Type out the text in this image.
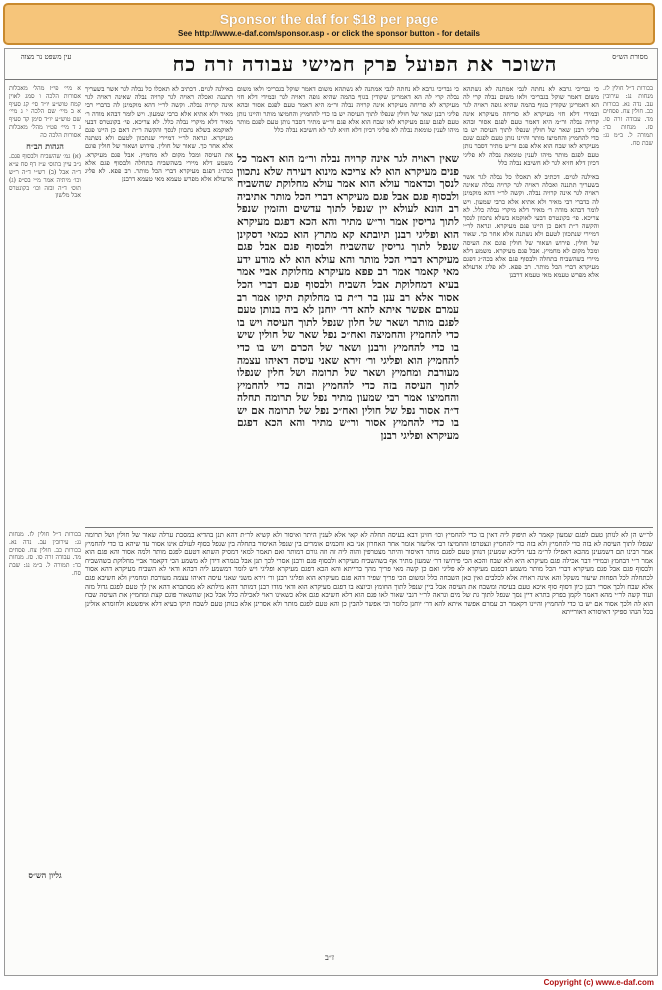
Sponsor the daf for $18 per page
See http://www.e-daf.com/sponsor.asp - or click the sponsor button - for details
השוכר את הפועל פרק חמישי עבודה זרה כח	מסורת הש״ס
עין משפט נר מצוה
בכורות ד״ל חולין לז. מנחות נג: עירובין עב. נדה נא. בכורות כב. חולין צח. פסחים מד. עבודה זרה סו. סז. מנחות כד: תמורה ל. ב״מ נג: שבת סח.
כי גבריכי גרבא לא נחתה לגבי אמתנה לא נשתהא משום דאמר שוקל בגבריכי ולאו משום נבלה קרי לה הא דאמרינן שקודין בגוף בהמה שהיא גופה ראויה לגר ובמידי דלא חזי מעיקרא לא סריחה מעיקרא אינה קרויה נבלה ור״מ היא דאמר טעם לפגם אסור ובהא פליגי רבנן שאר של חולין שנפלו לתוך העיסה יש בו כדי להחמיץ והחמיצו מותר והיינו נותן טעם לפגם שגם מעיקרא לאו שבח הוא אלא פגם ור״ש מתיר דסבר נותן טעם לפגם מותר מיהו לענין טומאת נבלה לא פליגי דכיון דלא חזיא לגר לא חשיבא נבלה כלל
באילנה לגוים. דכתיב לא תאכלו כל נבלה לגר אשר בשעריך תתננה ואכלה ראויה לגר קרויה נבלה שאינה ראויה לגר אינה קרויה נבלה. וקשה לר״י דהא מוקמינן לה כדברי רבי מאיר ולא אתיא אלא כרבי שמעון. ויש לומר דבהא מודה ר׳ מאיר דלא מיקרי נבלה כלל. לא צריכא. פי׳ בקונטרס דבעי לאוקמא בשלא נתכוון לנסך והקשה ר״ת דאם כן היינו פגם מעיקרא. ונראה לר״י דמיירי שנתכוון לטעם ולא נשתנה אלא אחר כך. שאור של חולין. פירוש ושאור של חולין פוגם את העיסה ומכל מקום לא מחמיץ. אבל פגם מעיקרא. משמע דלא מיירי בשהשביח בתחלה ולבסוף פגם אלא בכה״ג דפגם מעיקרא דברי הכל מותר. רב פפא. לא פליג אדעולא אלא מפרש טעמא מאי טעמא דרבנן
שאין ראויה לגר אינה קרויה נבלה ור״מ הוא דאמר כל פנים מעיקרא הוא לא צריכא מינוא דעירה שלא נתכוון לנסך וכדאמר עולא הוא אמר עולא מחלוקת שהשביח ולבסוף פגם אבל פגם מעיקרא דברי הכל מותר אתיביה רב הונא לעולא יין שנפל לתוך עדשים והזמין שנפל לתוך גריסין אמר ור״ש מתיר והא הכא דפגם מעיקרא הוא ופליגי רבנן תיובתא קא מתרץ הוא כמאי דסקינן שנפל לתוך גריסין שהשביח ולבסוף פגם אבל פגם מעיקרא דברי הכל מותר והא עולא הוא לא מודע ידע מאי קאמר אמר רב פפא מעיקרא מחלוקת אביי אמר בעיא דמחלוקת אבל השביח ולבסוף פגם דברי הכל אסור אלא רב ענן בר ר״ת בו מחלוקת תיקו אמר רב עמרם אפשר איתא להא דר׳ יוחנן לא ביה בנותן טעם לפגם מותר ושאר של חלון שנפל לתוך העיסה ויש בו כדי להחמיץ והחמיצה ואח״כ נפל שאר של חולין שיש בו כדי להחמיץ ורבנן ושאר של הכרם ויש בו כדי להחמיץ הוא ופליגי ור׳ זירא שאני עיסה דאיהו עצמה מעורבת ומחמיץ ושאר של תרומה ושל חלין שנפלו לתוך העיסה בזה כדי להחמיץ ובזה כדי להחמיץ והחמיצו אמר רבי שמעון מתיר נפל של תרומה תחלה ד״ה אסור נפל של חולין ואח״כ נפל של תרומה אם יש בו כדי להחמיץ אסור ור״ש מתיר והא הכא דפגם מעיקרא ופליגי רבנן
כי גבריכי גרבא לא נחתה לגבי אמתנה לא נשתהא משום דאמר שוקל בגבריכי ולאו משום נבלה קרי לה הא דאמרינן שקודין בגוף בהמה שהיא גופה ראויה לגר ובמידי דלא חזי מעיקרא לא סריחה מעיקרא אינה קרויה נבלה ור״מ היא דאמר טעם לפגם אסור ובהא פליגי רבנן שאר של חולין שנפלו לתוך העיסה יש בו כדי להחמיץ והחמיצו מותר והיינו נותן טעם לפגם שגם מעיקרא לאו שבח הוא אלא פגם ור״ש מתיר דסבר נותן טעם לפגם מותר מיהו לענין טומאת נבלה לא פליגי דכיון דלא חזיא לגר לא חשיבא נבלה כלל
באילנה לגוים. דכתיב לא תאכלו כל נבלה לגר אשר בשעריך תתננה ואכלה ראויה לגר קרויה נבלה שאינה ראויה לגר אינה קרויה נבלה. וקשה לר״י דהא מוקמינן לה כדברי רבי מאיר ולא אתיא אלא כרבי שמעון. ויש לומר דבהא מודה ר׳ מאיר דלא מיקרי נבלה כלל. לא צריכא. פי׳ בקונטרס דבעי לאוקמא בשלא נתכוון לנסך והקשה ר״ת דאם כן היינו פגם מעיקרא. ונראה לר״י דמיירי שנתכוון לטעם ולא נשתנה אלא אחר כך. שאור של חולין. פירוש ושאור של חולין פוגם את העיסה ומכל מקום לא מחמיץ. אבל פגם מעיקרא. משמע דלא מיירי בשהשביח בתחלה ולבסוף פגם אלא בכה״ג דפגם מעיקרא דברי הכל מותר. רב פפא. לא פליג אדעולא אלא מפרש טעמא מאי טעמא דרבנן
א מיי׳ פי״ז מהל׳ מאכלות אסורות הלכה ו סמג לאוין קמח טוש״ע יו״ד סי׳ קג סעיף א ב מיי׳ שם הלכה י ג מיי׳ שם טוש״ע יו״ד סימן קד סעיף ג ד מיי׳ פט״ו מהל׳ מאכלות אסורות הלכה כה
הגהות הב״ח
(א) גמ׳ שהשביח ולבסוף פגם. נ״ב עיין בתוס׳ ע״ז דף סח ע״א ד״ה אבל (ב) רש״י ד״ה ר״ש וכו׳ מיתיה אמר מ״י בס״פ (ג) תוס׳ ד״ה ובזה וכו׳ בקונטרס אבל מלשון
לר״ש הן לא לנותן טעם לפגם שמעון קאמר לא תיפוק ליה דאין בו כדי להחמיץ וכו׳ חזינן דבא בעיסה תחלה לא קאי אלא לענין היתר ואיסור ולא קשיא לר״ת דהא תנן בהדיא במסכת ערלה שאור של חולין ושל תרומה שנפלו לתוך העיסה לא בזה כדי להחמיץ ולא בזה כדי להחמיץ ונצטרפו והחמיצו רבי אליעזר אומר אחר האחרון אני בא וחכמים אומרים בין שנפל האיסור בתחלה בין שנפל בסוף לעולם אינו אסור עד שיהא בו כדי להחמיץ אמר רבינו תם דשמעינן מהכא דאפילו לר״מ בעי דליכא שמעינן דנותן טעם לפגם מותר דאיסור והיתר מצטרפין והוה ליה זה וזה גורם דמותר ואם תאמר למאי דמסיק השתא דטעם לפגם מותר ולמה אסור והא פגם הוא אמר ר״י דבחמץ ובמידי דבר אכילה פגם מעיקרא היא ולא שבח והכא הכי פירושו דר׳ שמעון מתיר אף בשהשביח מעיקרא ולבסוף פגם ורבנן אסרי לכך תנן אבל בגמרא דידן לא משמע הכי דקאמר אביי מחלוקת בשהשביח ולבסוף פגם אבל פגם מעיקרא דברי הכל מותר משמע דבפגם מעיקרא לא פליגי ואם כן קשה מאי פריך מהך ברייתא והא הכא דפגם מעיקרא ופליגי ויש לומר דמשמע ליה דבהא ודאי לא השביח מעיקרא דהא אסור לכתחלה לכל הפחות שיעור משקל והא אינה ראויה אלא לכלבים ואין כאן השבחה כלל ומשום הכי פריך שפיר דהא פגם מעיקרא הוא ופליגי רבנן ור׳ זירא משני שאני עיסה דאיהו עצמה מעורבת ומחמיץ ולא חשיבא פגם אלא שבח ולכך אסרי רבנן כיון דסוף סוף איכא טעם בעיסה ומשבח את העיסה אבל ביין שנפל לתוך החומץ וכיוצא בו דפגם מעיקרא הוא ודאי מודו רבנן דמותר דהא מילתא לא מסתברא דהא אין לך טעם לפגם גדול מזה ועוד קשה לר״י מהא דאמר לקמן בפרק בתרא דיין נסך שנפל לתוך גת של מים ונראה לר״י דגבי שאור לאו פגם הוא דלא חשיבא פגם אלא כשאינו ראוי לאכילה כלל אבל כאן שהשאור פוגם קצת ומחמיץ את העיסה שבח הוא לה ולכך אסור אם יש בו כדי להחמיץ והיינו דקאמר רב עמרם אפשר איתא להא דר׳ יוחנן כלומר וכי אפשר להבין כן והא טעם לפגם מותר ולא אסרינן אלא בנותן טעם לשבח תיקו בעיא דלא איפשטא ולחומרא אזלינן בכל הנהו ספיקי דאיסורא דאורייתא
בכורות ד״ל חולין לז. מנחות נג: עירובין עב. נדה נא. בכורות כב. חולין צח. פסחים מד. עבודה זרה סו. סז. מנחות כד: תמורה ל. ב״מ נג: שבת סח.
גליון הש״ס
ז״ב
Copyright (c) www.e-daf.com
